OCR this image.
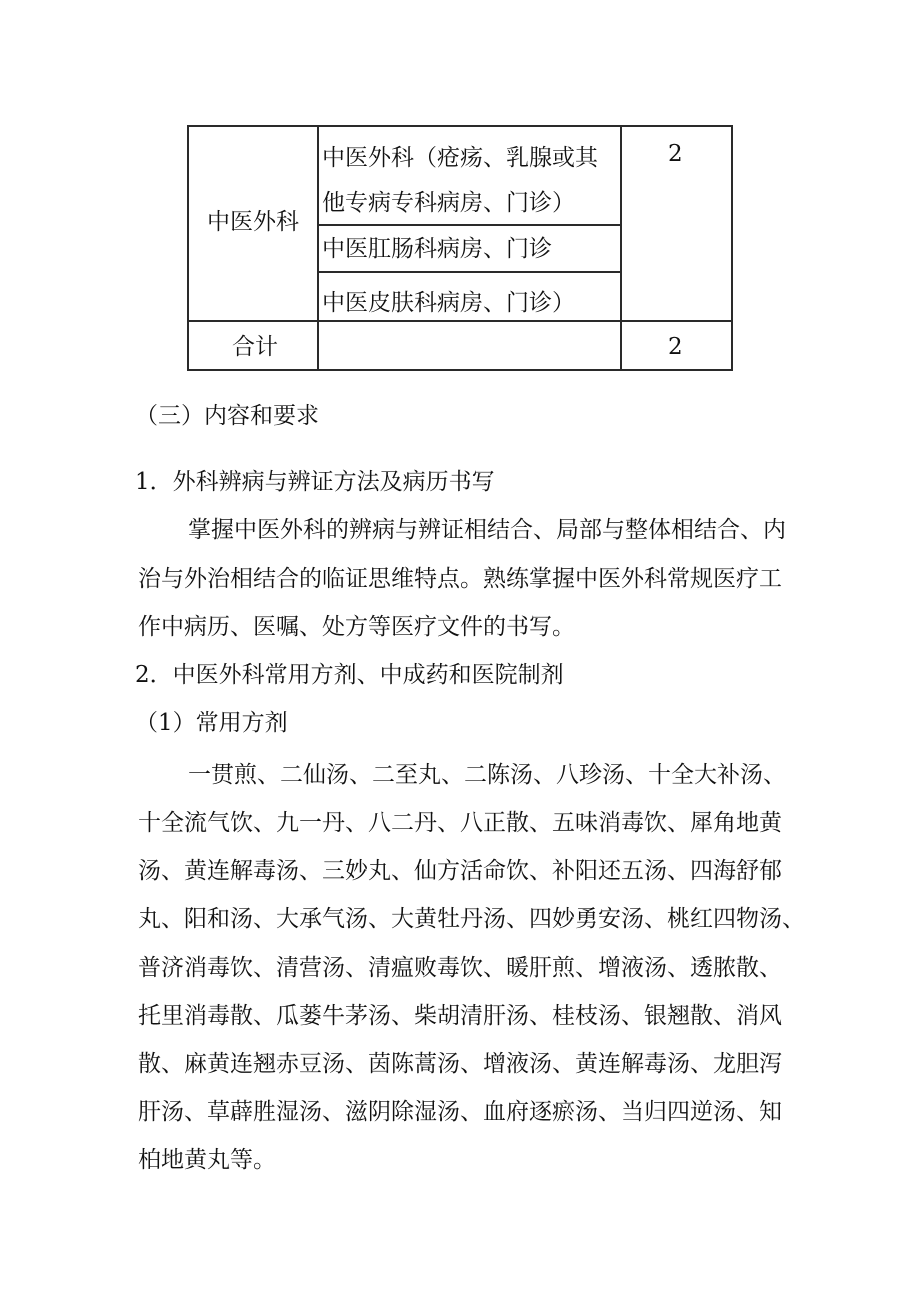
中医外科
中医外科（疮疡、乳腺或其
他专病专科病房、门诊）
中医肛肠科病房、门诊
中医皮肤科病房、门诊）
2
合计	2
（三）内容和要求
1．外科辨病与辨证方法及病历书写
掌握中医外科的辨病与辨证相结合、局部与整体相结合、内
治与外治相结合的临证思维特点。熟练掌握中医外科常规医疗工
作中病历、医嘱、处方等医疗文件的书写。
2．中医外科常用方剂、中成药和医院制剂
（1）常用方剂
一贯煎、二仙汤、二至丸、二陈汤、八珍汤、十全大补汤、
十全流气饮、九一丹、八二丹、八正散、五味消毒饮、犀角地黄
汤、黄连解毒汤、三妙丸、仙方活命饮、补阳还五汤、四海舒郁
丸、阳和汤、大承气汤、大黄牡丹汤、四妙勇安汤、桃红四物汤、
普济消毒饮、清营汤、清瘟败毒饮、暖肝煎、增液汤、透脓散、
托里消毒散、瓜蒌牛茅汤、柴胡清肝汤、桂枝汤、银翘散、消风
散、麻黄连翘赤豆汤、茵陈蒿汤、增液汤、黄连解毒汤、龙胆泻
肝汤、草薜胜湿汤、滋阴除湿汤、血府逐瘀汤、当归四逆汤、知
柏地黄丸等。
